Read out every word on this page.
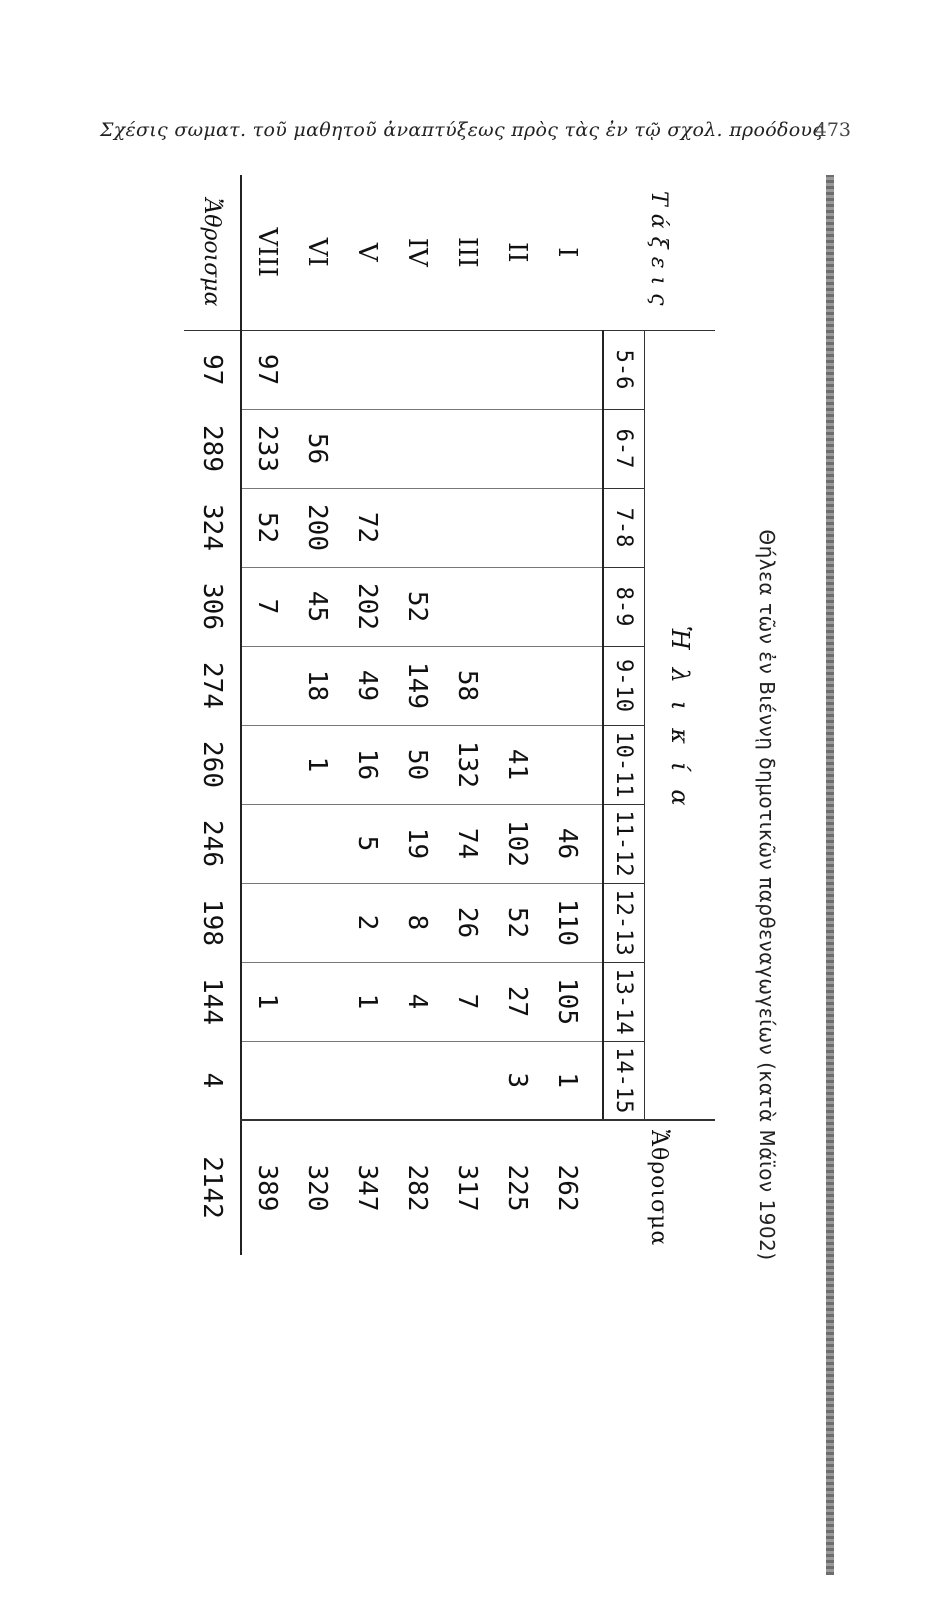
Σχέσις σωματ. τοῦ μαθητοῦ ἀναπτύξεως πρὸς τὰς ἐν τῷ σχολ. προόδους
473
Θήλεα τῶν ἐν Βιέννῃ δημοτικῶν παρθεναγωγείων (κατὰ Μάϊον 1902)
Τάξεις	Ἡλικία										Ἄθροισμα
	5-6	6-7	7-8	8-9	9-10	10-11	11-12	12-13	13-14	14-15	
I							46	110	105	1	262
II						41	102	52	27	3	225
III					58	132	74	26	7		317
IV				52	149	50	19	8	4		282
V			72	202	49	16	5	2	1		347
VI		56	200	45	18	1					320
VIII	97	233	52	7					1		389
Ἄθροισμα	97	289	324	306	274	260	246	198	144	4	2142
